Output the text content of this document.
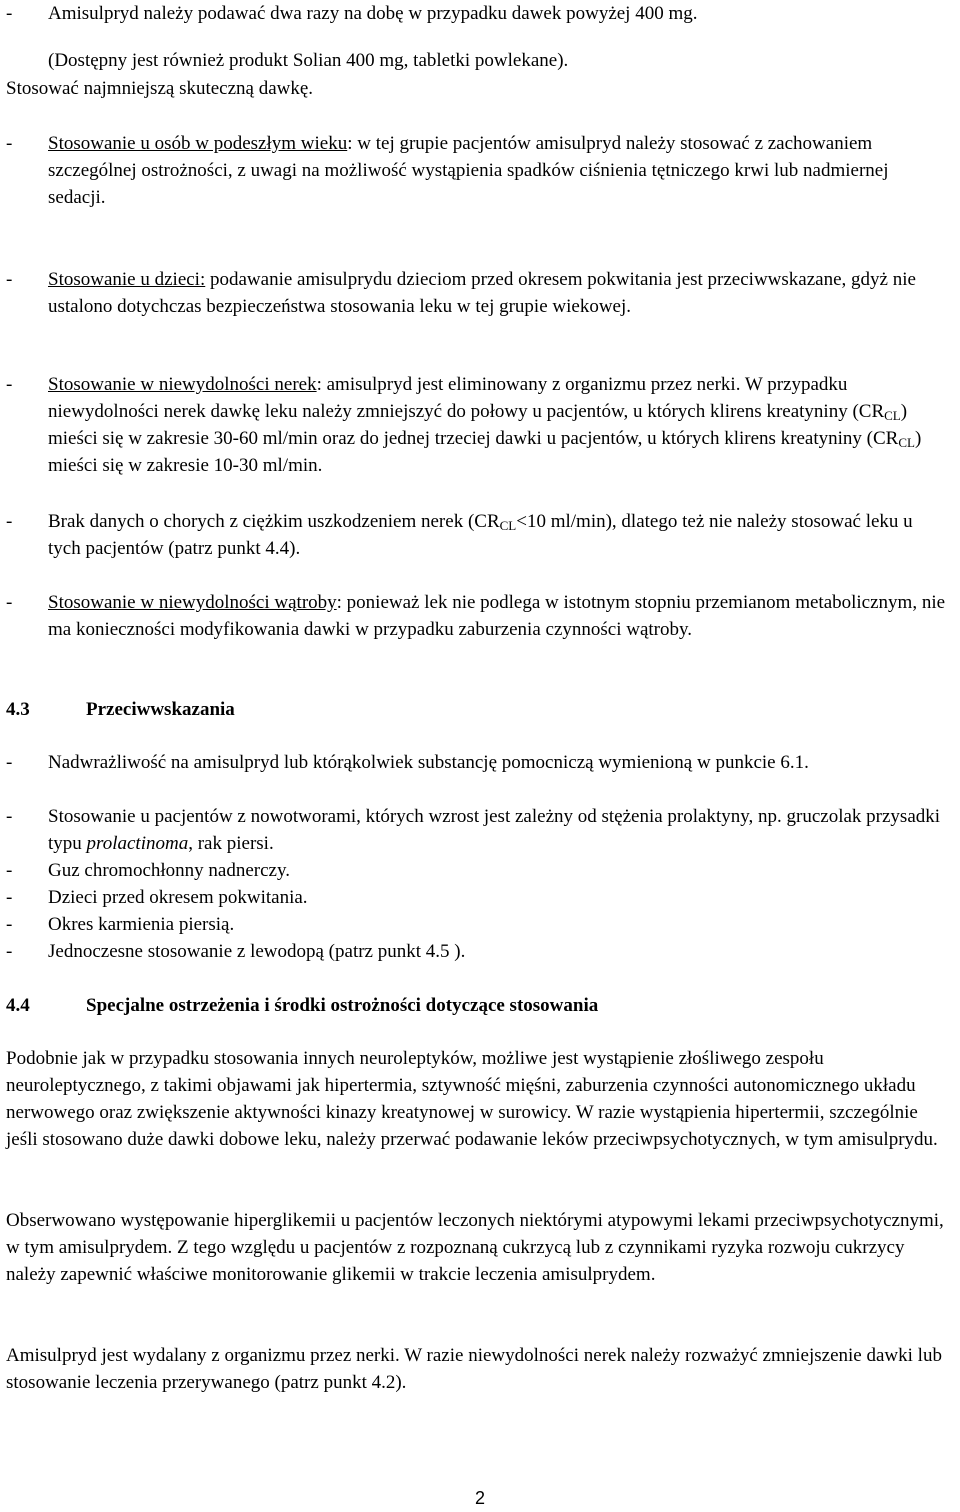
-	Amisulpryd należy podawać dwa razy na dobę w przypadku dawek powyżej 400 mg.
(Dostępny jest również produkt Solian 400 mg, tabletki powlekane).

Stosować najmniejszą skuteczną dawkę.

-	Stosowanie u osób w podeszłym wieku: w tej grupie pacjentów amisulpryd należy stosować z zachowaniem szczególnej ostrożności, z uwagi na możliwość wystąpienia spadków ciśnienia tętniczego krwi lub nadmiernej sedacji.
-	Stosowanie u dzieci: podawanie amisulprydu dzieciom przed okresem pokwitania jest przeciwwskazane, gdyż nie ustalono dotychczas bezpieczeństwa stosowania leku w tej grupie wiekowej.
-	Stosowanie w niewydolności nerek: amisulpryd jest eliminowany z organizmu przez nerki. W przypadku niewydolności nerek dawkę leku należy zmniejszyć do połowy u pacjentów, u których klirens kreatyniny $(CR_{CL})$ mieści się w zakresie 30-60 ml/min oraz do jednej trzeciej dawki u pacjentów, u których klirens kreatyniny $(CR_{CL})$ mieści się w zakresie 10-30 ml/min.
-	Brak danych o chorych z ciężkim uszkodzeniem nerek ($CR_{CL}<10$ ml/min), dlatego też nie należy stosować leku u tych pacjentów (patrz punkt 4.4).
-	Stosowanie w niewydolności wątroby: ponieważ lek nie podlega w istotnym stopniu przemianom metabolicznym, nie ma konieczności modyfikowania dawki w przypadku zaburzenia czynności wątroby.
4.3	Przeciwwskazania
-	Nadwrażliwość na amisulpryd lub którąkolwiek substancję pomocniczą wymienioną w punkcie 6.1.
-	Stosowanie u pacjentów z nowotworami, których wzrost jest zależny od stężenia prolaktyny, np. gruczolak przysadki typu prolactinoma, rak piersi.
-	Guz chromochłonny nadnerczy.
-	Dzieci przed okresem pokwitania.
-	Okres karmienia piersią.
-	Jednoczesne stosowanie z lewodopą (patrz punkt 4.5 ).
4.4	Specjalne ostrzeżenia i środki ostrożności dotyczące stosowania

Podobnie jak w przypadku stosowania innych neuroleptyków, możliwe jest wystąpienie złośliwego zespołu neuroleptycznego, z takimi objawami jak hipertermia, sztywność mięśni, zaburzenia czynności autonomicznego układu nerwowego oraz zwiększenie aktywności kinazy kreatynowej w surowicy. W razie wystąpienia hipertermii, szczególnie jeśli stosowano duże dawki dobowe leku, należy przerwać podawanie leków przeciwpsychotycznych, w tym amisulprydu.

Obserwowano występowanie hiperglikemii u pacjentów leczonych niektórymi atypowymi lekami przeciwpsychotycznymi, w tym amisulprydem. Z tego względu u pacjentów z rozpoznaną cukrzycą lub z czynnikami ryzyka rozwoju cukrzycy należy zapewnić właściwe monitorowanie glikemii w trakcie leczenia amisulprydem.

Amisulpryd jest wydalany z organizmu przez nerki. W razie niewydolności nerek należy rozważyć zmniejszenie dawki lub stosowanie leczenia przerywanego (patrz punkt 4.2).

2
